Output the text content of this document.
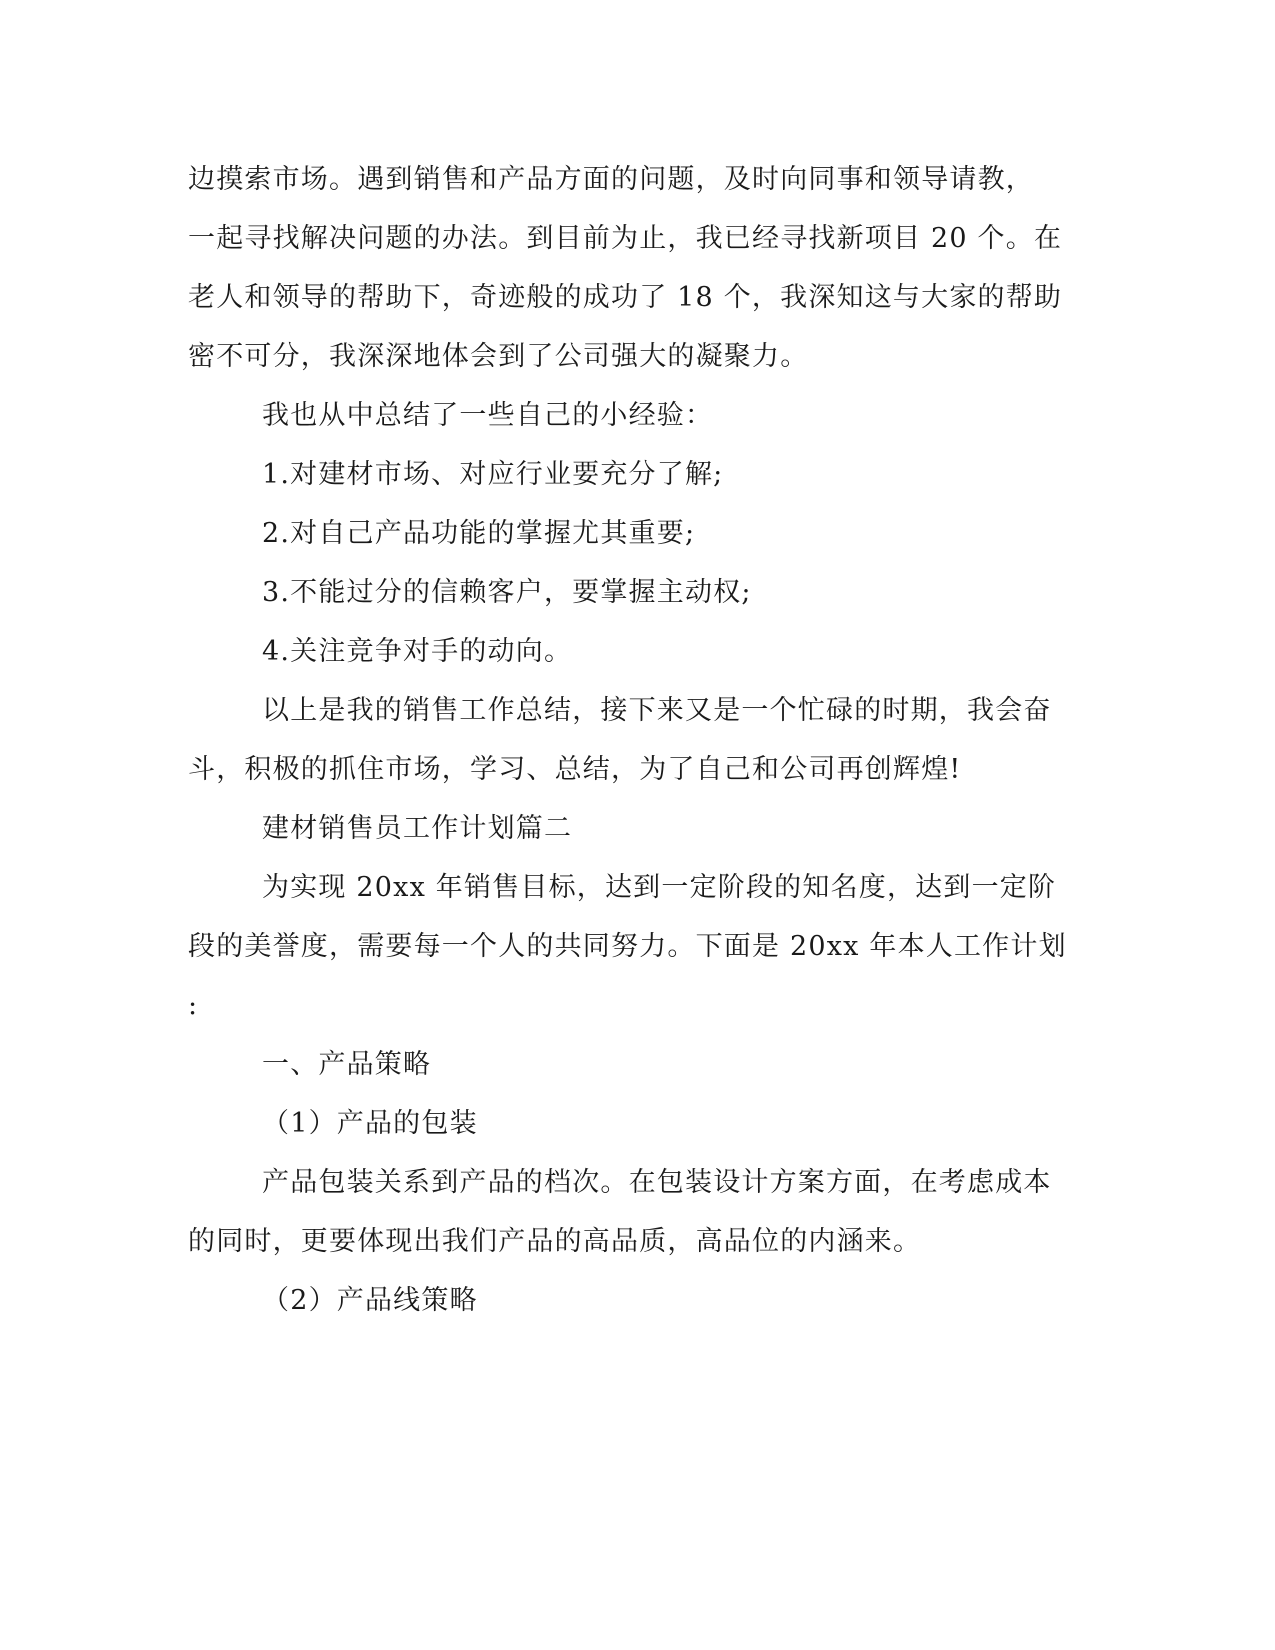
边摸索市场。遇到销售和产品方面的问题，及时向同事和领导请教，
一起寻找解决问题的办法。到目前为止，我已经寻找新项目 20 个。在
老人和领导的帮助下，奇迹般的成功了 18 个，我深知这与大家的帮助
密不可分，我深深地体会到了公司强大的凝聚力。
我也从中总结了一些自己的小经验：
1.对建材市场、对应行业要充分了解;
2.对自己产品功能的掌握尤其重要;
3.不能过分的信赖客户，要掌握主动权;
4.关注竞争对手的动向。
以上是我的销售工作总结，接下来又是一个忙碌的时期，我会奋
斗，积极的抓住市场，学习、总结，为了自己和公司再创辉煌!
建材销售员工作计划篇二
为实现 20xx 年销售目标，达到一定阶段的知名度，达到一定阶
段的美誉度，需要每一个人的共同努力。下面是 20xx 年本人工作计划
:
一、产品策略
（1）产品的包装
产品包装关系到产品的档次。在包装设计方案方面，在考虑成本
的同时，更要体现出我们产品的高品质，高品位的内涵来。
（2）产品线策略
